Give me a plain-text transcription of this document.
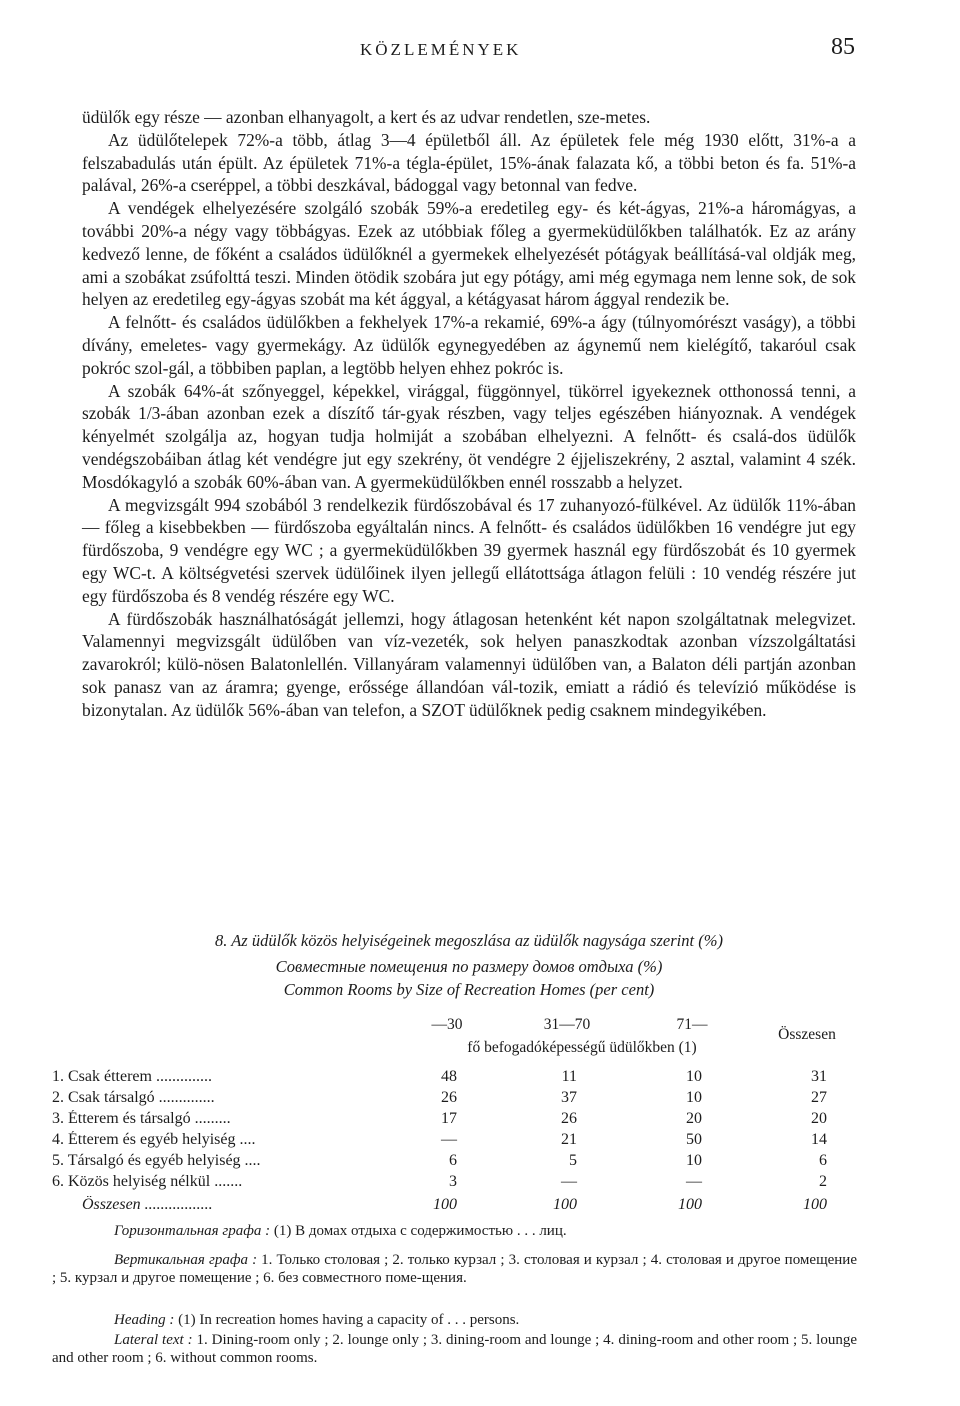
KÖZLEMÉNYEK	85

üdülők egy része — azonban elhanyagolt, a kert és az udvar rendetlen, sze-metes.

Az üdülőtelepek 72%-a több, átlag 3—4 épületből áll. Az épületek fele még 1930 előtt, 31%-a a felszabadulás után épült. Az épületek 71%-a tégla-épület, 15%-ának falazata kő, a többi beton és fa. 51%-a palával, 26%-a cseréppel, a többi deszkával, bádoggal vagy betonnal van fedve.

A vendégek elhelyezésére szolgáló szobák 59%-a eredetileg egy- és két-ágyas, 21%-a háromágyas, a további 20%-a négy vagy többágyas. Ezek az utóbbiak főleg a gyermeküdülőkben találhatók. Ez az arány kedvező lenne, de főként a családos üdülőknél a gyermekek elhelyezését pótágyak beállításá-val oldják meg, ami a szobákat zsúfolttá teszi. Minden ötödik szobára jut egy pótágy, ami még egymaga nem lenne sok, de sok helyen az eredetileg egy-ágyas szobát ma két ággyal, a kétágyasat három ággyal rendezik be.

A felnőtt- és családos üdülőkben a fekhelyek 17%-a rekamié, 69%-a ágy (túlnyomórészt vaságy), a többi dívány, emeletes- vagy gyermekágy. Az üdülők egynegyedében az ágynemű nem kielégítő, takaróul csak pokróc szol-gál, a többiben paplan, a legtöbb helyen ehhez pokróc is.

A szobák 64%-át szőnyeggel, képekkel, virággal, függönnyel, tükörrel igyekeznek otthonossá tenni, a szobák 1/3-ában azonban ezek a díszítő tár-gyak részben, vagy teljes egészében hiányoznak. A vendégek kényelmét szolgálja az, hogyan tudja holmiját a szobában elhelyezni. A felnőtt- és csalá-dos üdülők vendégszobáiban átlag két vendégre jut egy szekrény, öt vendégre 2 éjjeliszekrény, 2 asztal, valamint 4 szék. Mosdókagyló a szobák 60%-ában van. A gyermeküdülőkben ennél rosszabb a helyzet.

A megvizsgált 994 szobából 3 rendelkezik fürdőszobával és 17 zuhanyozó-fülkével. Az üdülők 11%-ában — főleg a kisebbekben — fürdőszoba egyáltalán nincs. A felnőtt- és családos üdülőkben 16 vendégre jut egy fürdőszoba, 9 vendégre egy WC ; a gyermeküdülőkben 39 gyermek használ egy fürdőszobát és 10 gyermek egy WC-t. A költségvetési szervek üdülőinek ilyen jellegű ellátottsága átlagon felüli : 10 vendég részére jut egy fürdőszoba és 8 vendég részére egy WC.

A fürdőszobák használhatóságát jellemzi, hogy átlagosan hetenként két napon szolgáltatnak melegvizet. Valamennyi megvizsgált üdülőben van víz-vezeték, sok helyen panaszkodtak azonban vízszolgáltatási zavarokról; külö-nösen Balatonlellén. Villanyáram valamennyi üdülőben van, a Balaton déli partján azonban sok panasz van az áramra; gyenge, erőssége állandóan vál-tozik, emiatt a rádió és televízió működése is bizonytalan. Az üdülők 56%-ában van telefon, a SZOT üdülőknek pedig csaknem mindegyikében.

8. Az üdülők közös helyiségeinek megoszlása az üdülők nagysága szerint (%)
Совместные помещения по размеру домов отдыха (%)
Common Rooms by Size of Recreation Homes (per cent)
—30	31—70	71—
fő befogadóképességű üdülőkben (1)
Összesen
1. Csak étterem ..............	48	11	10	31
2. Csak társalgó ..............	26	37	10	27
3. Étterem és társalgó .........	17	26	20	20
4. Étterem és egyéb helyiség ....	—	21	50	14
5. Társalgó és egyéb helyiség ....	6	5	10	6
6. Közös helyiség nélkül .......	3	—	—	2
Összesen .................	100	100	100	100

Горизонтальная графа : (1) В домах отдыха с содержимостью . . . лиц.

Вертикальная графа : 1. Только столовая ; 2. только курзал ; 3. столовая и курзал ; 4. столовая и другое помещение ; 5. курзал и другое помещение ; 6. без совместного поме-щения.

Heading : (1) In recreation homes having a capacity of . . . persons.

Lateral text : 1. Dining-room only ; 2. lounge only ; 3. dining-room and lounge ; 4. dining-room and other room ; 5. lounge and other room ; 6. without common rooms.
